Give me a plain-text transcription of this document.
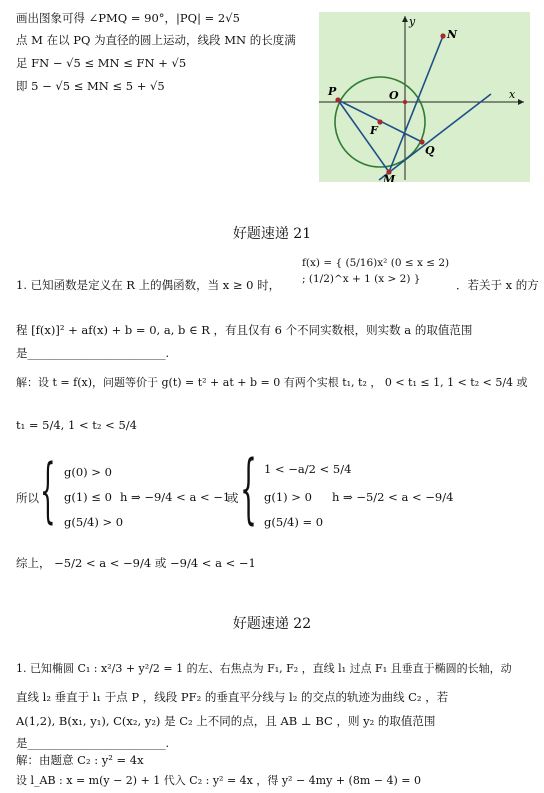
画出图象可得 ∠PMQ = 90°，|PQ| = 2√5
点 M 在以 PQ 为直径的圆上运动，线段 MN 的长度满
足 FN − √5 ≤ MN ≤ FN + √5
即 5 − √5 ≤ MN ≤ 5 + √5
x
y
O
P
F
Q
M
N
好题速递 21
1. 已知函数是定义在 R 上的偶函数，当 x ≥ 0 时，
f(x) = { (5/16)x² (0 ≤ x ≤ 2) ; (1/2)^x + 1 (x > 2) }	．若关于 x 的方
程 [f(x)]² + af(x) + b = 0, a, b ∈ R ，有且仅有 6 个不同实数根，则实数 a 的取值范围
是________________________.
解：设 t = f(x)，问题等价于 g(t) = t² + at + b = 0 有两个实根 t₁, t₂ ， 0 < t₁ ≤ 1, 1 < t₂ < 5/4 或
t₁ = 5/4, 1 < t₂ < 5/4
所以 { g(0) > 0
g(1) ≤ 0
g(5/4) > 0
h ⇒ −9/4 < a < −1
或 { 1 < −a/2 < 5/4
g(1) > 0
g(5/4) = 0
h ⇒ −5/2 < a < −9/4
综上， −5/2 < a < −9/4 或 −9/4 < a < −1
好题速递 22
1. 已知椭圆 C₁ : x²/3 + y²/2 = 1 的左、右焦点为 F₁, F₂ ，直线 l₁ 过点 F₁ 且垂直于椭圆的长轴，动
直线 l₂ 垂直于 l₁ 于点 P ，线段 PF₂ 的垂直平分线与 l₂ 的交点的轨迹为曲线 C₂ ，若
A(1,2), B(x₁, y₁), C(x₂, y₂) 是 C₂ 上不同的点，且 AB ⊥ BC ，则 y₂ 的取值范围
是________________________.
解：由题意 C₂ : y² = 4x
设 l_AB : x = m(y − 2) + 1 代入 C₂ : y² = 4x ，得 y² − 4my + (8m − 4) = 0
